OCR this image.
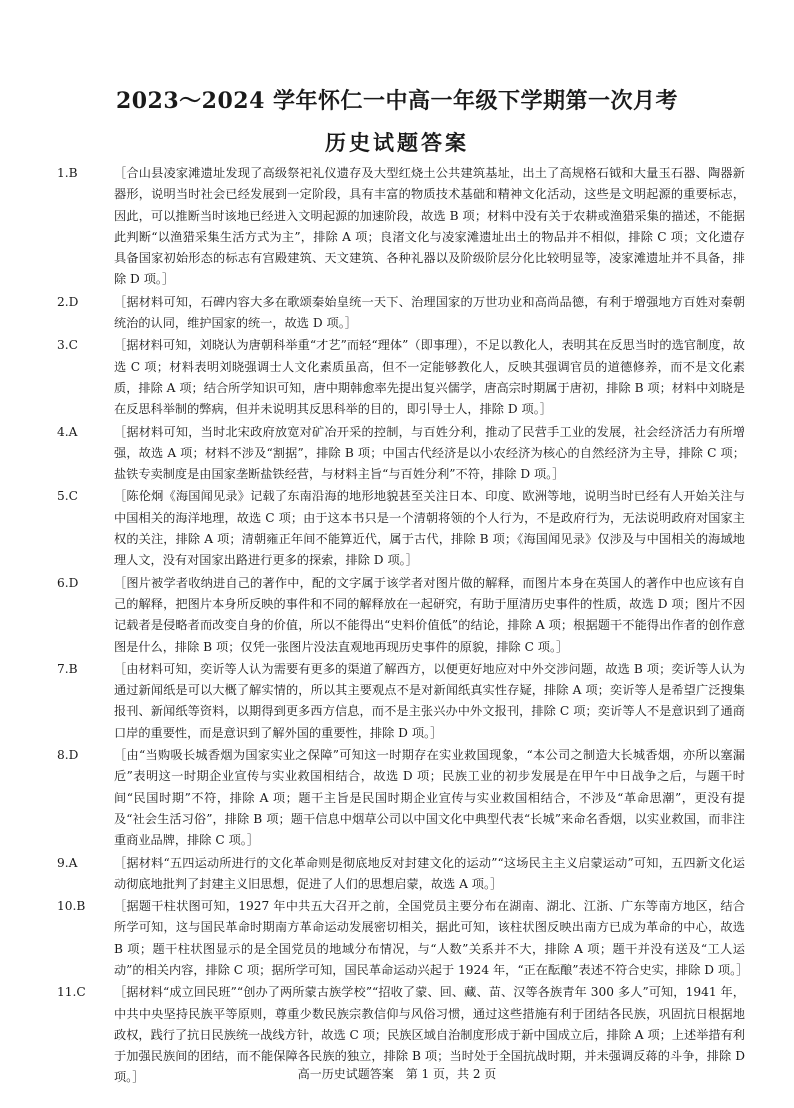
2023～2024 学年怀仁一中高一年级下学期第一次月考
历史试题答案
1.B	［合山县凌家滩遗址发现了高级祭祀礼仪遗存及大型红烧土公共建筑基址，出土了高规格石钺和大量玉石器、陶器新器形，说明当时社会已经发展到一定阶段，具有丰富的物质技术基础和精神文化活动，这些是文明起源的重要标志，因此，可以推断当时该地已经进入文明起源的加速阶段，故选 B 项；材料中没有关于农耕或渔猎采集的描述，不能据此判断“以渔猎采集生活方式为主”，排除 A 项；良渚文化与凌家滩遗址出土的物品并不相似，排除 C 项；文化遗存具备国家初始形态的标志有宫殿建筑、天文建筑、各种礼器以及阶级阶层分化比较明显等，凌家滩遗址并不具备，排除 D 项。］
2.D	［据材料可知，石碑内容大多在歌颂秦始皇统一天下、治理国家的万世功业和高尚品德，有利于增强地方百姓对秦朝统治的认同，维护国家的统一，故选 D 项。］
3.C	［据材料可知，刘晓认为唐朝科举重“才艺”而轻“理体”（即事理），不足以教化人，表明其在反思当时的选官制度，故选 C 项；材料表明刘晓强调士人文化素质虽高，但不一定能够教化人，反映其强调官员的道德修养，而不是文化素质，排除 A 项；结合所学知识可知，唐中期韩愈率先提出复兴儒学，唐高宗时期属于唐初，排除 B 项；材料中刘晓是在反思科举制的弊病，但并未说明其反思科举的目的，即引导士人，排除 D 项。］
4.A	［据材料可知，当时北宋政府放宽对矿冶开采的控制，与百姓分利，推动了民营手工业的发展，社会经济活力有所增强，故选 A 项；材料不涉及“割据”，排除 B 项；中国古代经济是以小农经济为核心的自然经济为主导，排除 C 项；盐铁专卖制度是由国家垄断盐铁经营，与材料主旨“与百姓分利”不符，排除 D 项。］
5.C	［陈伦炯《海国闻见录》记载了东南沿海的地形地貌甚至关注日本、印度、欧洲等地，说明当时已经有人开始关注与中国相关的海洋地理，故选 C 项；由于这本书只是一个清朝将领的个人行为，不是政府行为，无法说明政府对国家主权的关注，排除 A 项；清朝雍正年间不能算近代，属于古代，排除 B 项；《海国闻见录》仅涉及与中国相关的海域地理人文，没有对国家出路进行更多的探索，排除 D 项。］
6.D	［图片被学者收纳进自己的著作中，配的文字属于该学者对图片做的解释，而图片本身在英国人的著作中也应该有自己的解释，把图片本身所反映的事件和不同的解释放在一起研究，有助于厘清历史事件的性质，故选 D 项；图片不因记载者是侵略者而改变自身的价值，所以不能得出“史料价值低”的结论，排除 A 项；根据题干不能得出作者的创作意图是什么，排除 B 项；仅凭一张图片没法直观地再现历史事件的原貌，排除 C 项。］
7.B	［由材料可知，奕䜣等人认为需要有更多的渠道了解西方，以便更好地应对中外交涉问题，故选 B 项；奕䜣等人认为通过新闻纸是可以大概了解实情的，所以其主要观点不是对新闻纸真实性存疑，排除 A 项；奕䜣等人是希望广泛搜集报刊、新闻纸等资料，以期得到更多西方信息，而不是主张兴办中外文报刊，排除 C 项；奕䜣等人不是意识到了通商口岸的重要性，而是意识到了解外国的重要性，排除 D 项。］
8.D	［由“当购吸长城香烟为国家实业之保障”可知这一时期存在实业救国现象，“本公司之制造大长城香烟，亦所以塞漏卮”表明这一时期企业宣传与实业救国相结合，故选 D 项；民族工业的初步发展是在甲午中日战争之后，与题干时间“民国时期”不符，排除 A 项；题干主旨是民国时期企业宣传与实业救国相结合，不涉及“革命思潮”，更没有提及“社会生活习俗”，排除 B 项；题干信息中烟草公司以中国文化中典型代表“长城”来命名香烟，以实业救国，而非注重商业品牌，排除 C 项。］
9.A	［据材料“五四运动所进行的文化革命则是彻底地反对封建文化的运动”“这场民主主义启蒙运动”可知，五四新文化运动彻底地批判了封建主义旧思想，促进了人们的思想启蒙，故选 A 项。］
10.B	［据题干柱状图可知，1927 年中共五大召开之前，全国党员主要分布在湖南、湖北、江浙、广东等南方地区，结合所学可知，这与国民革命时期南方革命运动发展密切相关，据此可知，该柱状图反映出南方已成为革命的中心，故选 B 项；题干柱状图显示的是全国党员的地域分布情况，与“人数”关系并不大，排除 A 项；题干并没有送及“工人运动”的相关内容，排除 C 项；据所学可知，国民革命运动兴起于 1924 年，“正在酝酿”表述不符合史实，排除 D 项。］
11.C	［据材料“成立回民班”“创办了两所蒙古族学校”“招收了蒙、回、藏、苗、汉等各族青年 300 多人”可知，1941 年，中共中央坚持民族平等原则，尊重少数民族宗教信仰与风俗习惯，通过这些措施有利于团结各民族，巩固抗日根据地政权，践行了抗日民族统一战线方针，故选 C 项；民族区域自治制度形成于新中国成立后，排除 A 项；上述举措有利于加强民族间的团结，而不能保障各民族的独立，排除 B 项；当时处于全国抗战时期，并未强调反蒋的斗争，排除 D 项。］	高一历史试题答案　第 1 页，共 2 页
